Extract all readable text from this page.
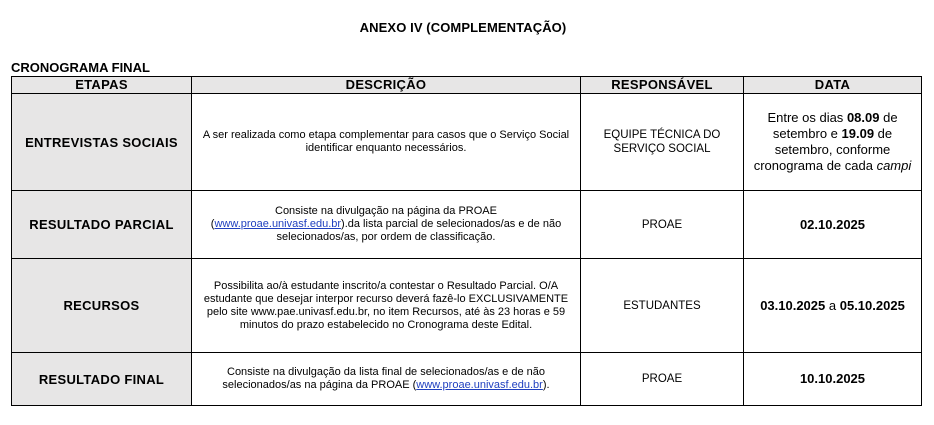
ANEXO IV (COMPLEMENTAÇÃO)
CRONOGRAMA FINAL
ETAPAS	DESCRIÇÃO	RESPONSÁVEL	DATA
ENTREVISTAS SOCIAIS	A ser realizada como etapa complementar para casos que o Serviço Social identificar enquanto necessários.	EQUIPE TÉCNICA DO SERVIÇO SOCIAL	Entre os dias 08.09 de setembro e 19.09 de setembro, conforme cronograma de cada campi
RESULTADO PARCIAL	Consiste na divulgação na página da PROAE (www.proae.univasf.edu.br).da lista parcial de selecionados/as e de não selecionados/as, por ordem de classificação.	PROAE	02.10.2025
RECURSOS	Possibilita ao/à estudante inscrito/a contestar o Resultado Parcial. O/A estudante que desejar interpor recurso deverá fazê-lo EXCLUSIVAMENTE pelo site www.pae.univasf.edu.br, no item Recursos, até às 23 horas e 59 minutos do prazo estabelecido no Cronograma deste Edital.	ESTUDANTES	03.10.2025 a 05.10.2025
RESULTADO FINAL	Consiste na divulgação da lista final de selecionados/as e de não selecionados/as na página da PROAE (www.proae.univasf.edu.br).	PROAE	10.10.2025
